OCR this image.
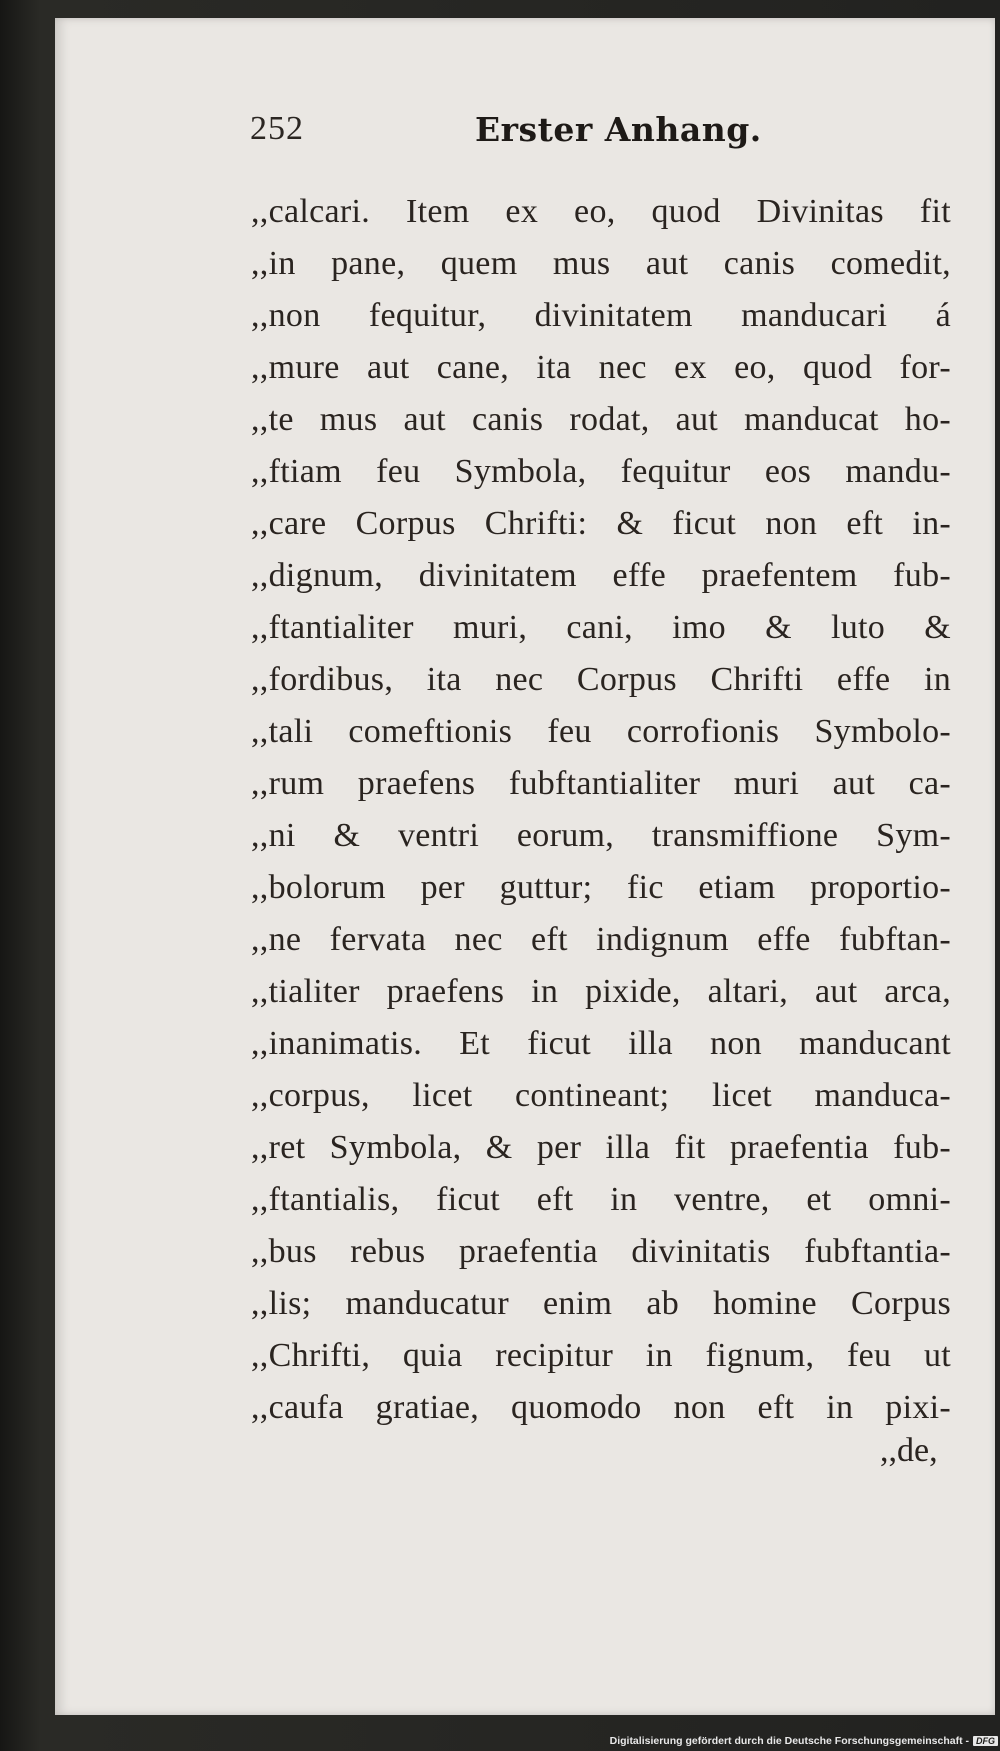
252	Erster Anhang.
,,calcari. Item ex eo, quod Divinitas fit
,,in pane, quem mus aut canis comedit,
,,non fequitur, divinitatem manducari á
,,mure aut cane, ita nec ex eo, quod for-
,,te mus aut canis rodat, aut manducat ho-
,,ftiam feu Symbola, fequitur eos mandu-
,,care Corpus Chrifti: & ficut non eft in-
,,dignum, divinitatem effe praefentem fub-
,,ftantialiter muri, cani, imo & luto &
,,fordibus, ita nec Corpus Chrifti effe in
,,tali comeftionis feu corrofionis Symbolo-
,,rum praefens fubftantialiter muri aut ca-
,,ni & ventri eorum, transmiffione Sym-
,,bolorum per guttur; fic etiam proportio-
,,ne fervata nec eft indignum effe fubftan-
,,tialiter praefens in pixide, altari, aut arca,
,,inanimatis. Et ficut illa non manducant
,,corpus, licet contineant; licet manduca-
,,ret Symbola, & per illa fit praefentia fub-
,,ftantialis, ficut eft in ventre, et omni-
,,bus rebus praefentia divinitatis fubftantia-
,,lis; manducatur enim ab homine Corpus
,,Chrifti, quia recipitur in fignum, feu ut
,,caufa gratiae, quomodo non eft in pixi-
,,de,
Digitalisierung gefördert durch die Deutsche Forschungsgemeinschaft - DFG
